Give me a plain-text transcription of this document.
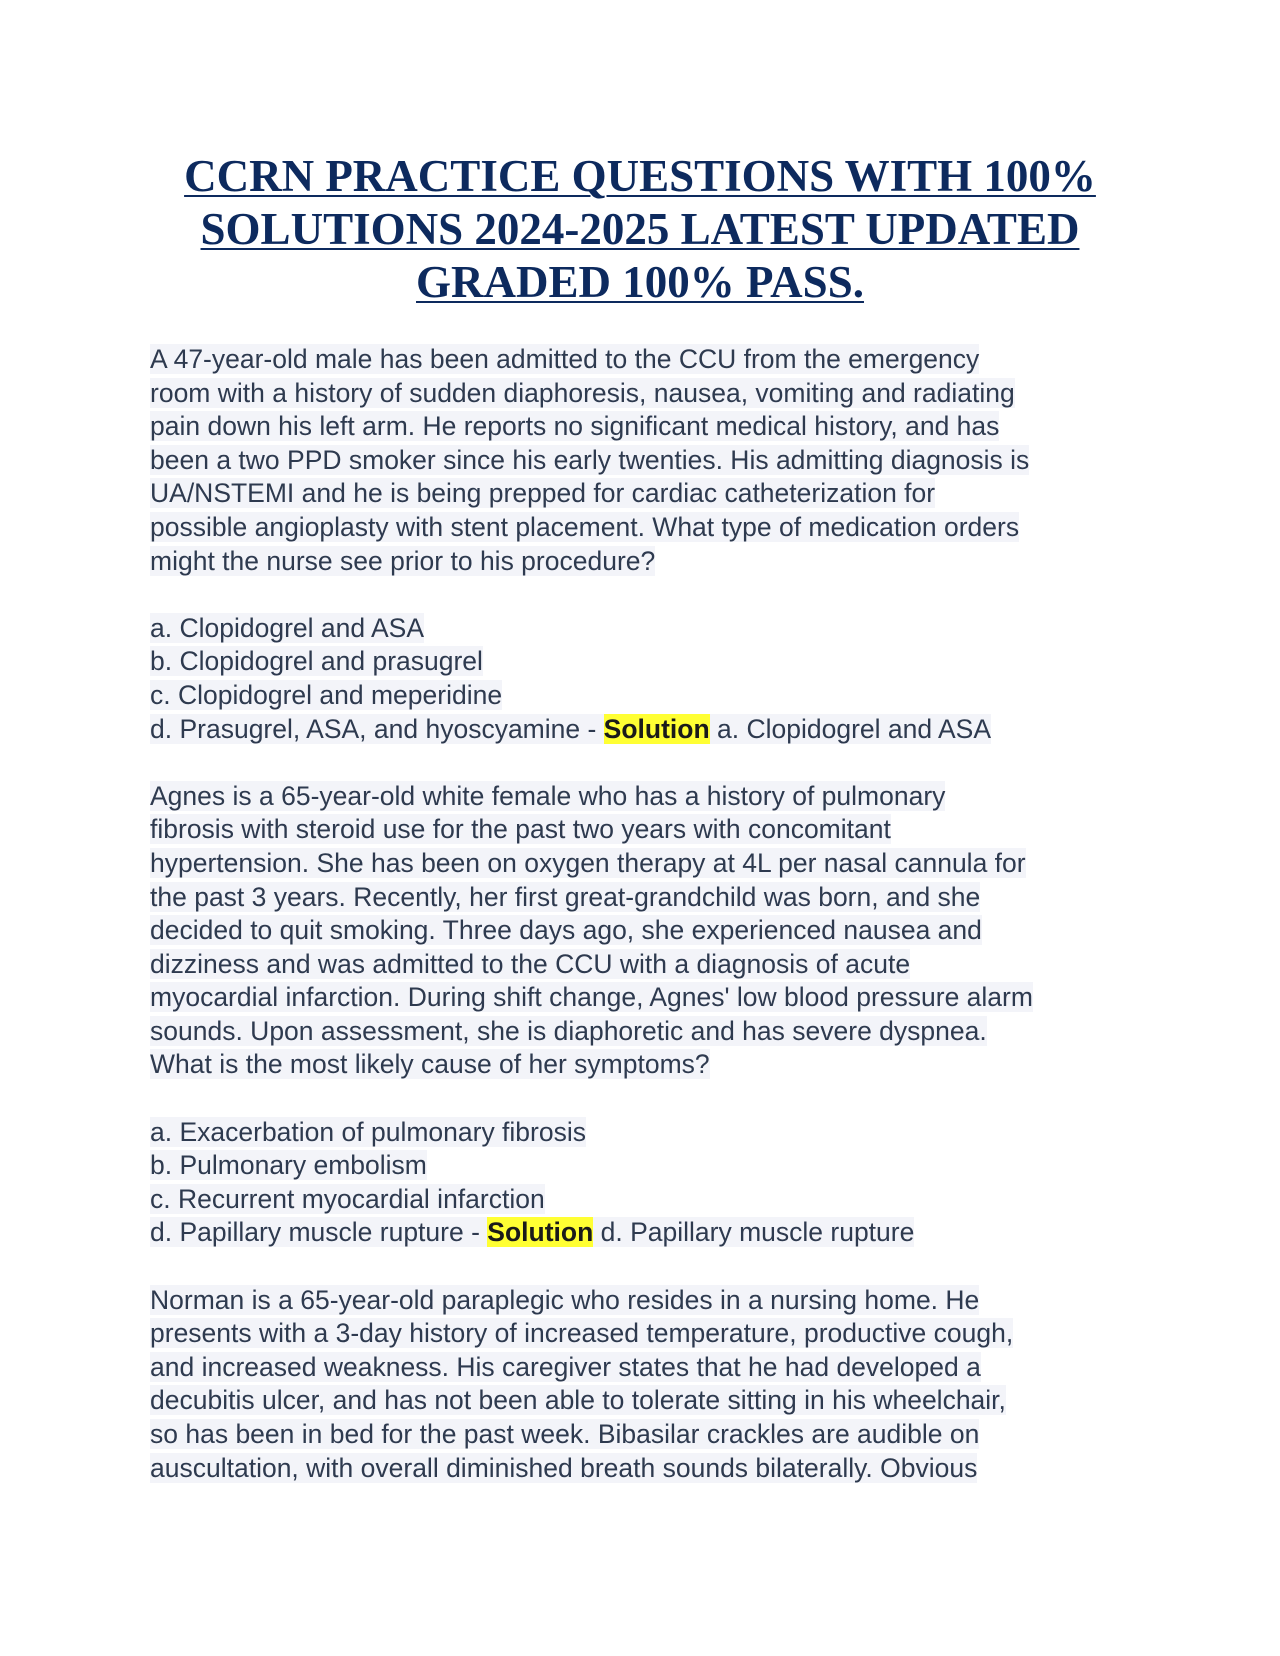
CCRN PRACTICE QUESTIONS WITH 100%
SOLUTIONS 2024-2025 LATEST UPDATED
GRADED 100% PASS.
A 47-year-old male has been admitted to the CCU from the emergency
room with a history of sudden diaphoresis, nausea, vomiting and radiating
pain down his left arm. He reports no significant medical history, and has
been a two PPD smoker since his early twenties. His admitting diagnosis is
UA/NSTEMI and he is being prepped for cardiac catheterization for
possible angioplasty with stent placement. What type of medication orders
might the nurse see prior to his procedure?
a. Clopidogrel and ASA
b. Clopidogrel and prasugrel
c. Clopidogrel and meperidine
d. Prasugrel, ASA, and hyoscyamine - Solution a. Clopidogrel and ASA
Agnes is a 65-year-old white female who has a history of pulmonary
fibrosis with steroid use for the past two years with concomitant
hypertension. She has been on oxygen therapy at 4L per nasal cannula for
the past 3 years. Recently, her first great-grandchild was born, and she
decided to quit smoking. Three days ago, she experienced nausea and
dizziness and was admitted to the CCU with a diagnosis of acute
myocardial infarction. During shift change, Agnes' low blood pressure alarm
sounds. Upon assessment, she is diaphoretic and has severe dyspnea.
What is the most likely cause of her symptoms?
a. Exacerbation of pulmonary fibrosis
b. Pulmonary embolism
c. Recurrent myocardial infarction
d. Papillary muscle rupture - Solution d. Papillary muscle rupture
Norman is a 65-year-old paraplegic who resides in a nursing home. He
presents with a 3-day history of increased temperature, productive cough,
and increased weakness. His caregiver states that he had developed a
decubitis ulcer, and has not been able to tolerate sitting in his wheelchair,
so has been in bed for the past week. Bibasilar crackles are audible on
auscultation, with overall diminished breath sounds bilaterally. Obvious
